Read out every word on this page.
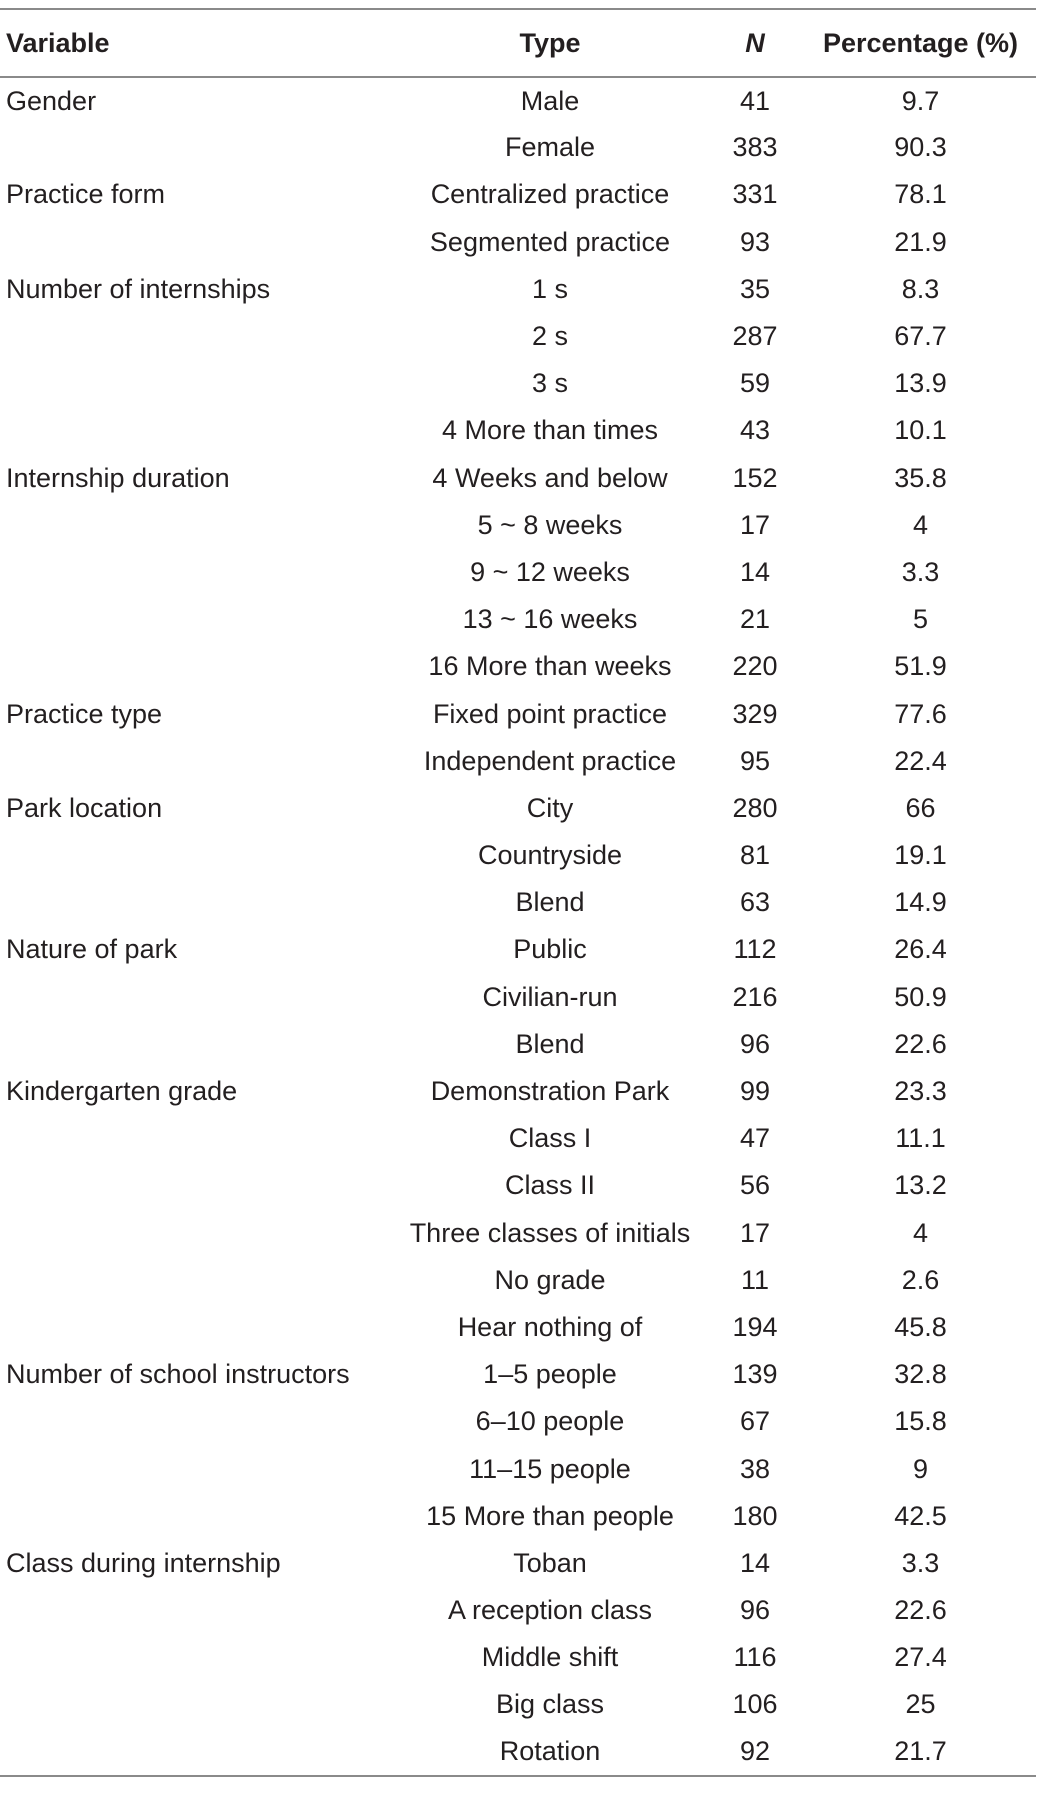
Variable	Type	N	Percentage (%)
Gender	Male	41	9.7
	Female	383	90.3
Practice form	Centralized practice	331	78.1
	Segmented practice	93	21.9
Number of internships	1 s	35	8.3
	2 s	287	67.7
	3 s	59	13.9
	4 More than times	43	10.1
Internship duration	4 Weeks and below	152	35.8
	5 ~ 8 weeks	17	4
	9 ~ 12 weeks	14	3.3
	13 ~ 16 weeks	21	5
	16 More than weeks	220	51.9
Practice type	Fixed point practice	329	77.6
	Independent practice	95	22.4
Park location	City	280	66
	Countryside	81	19.1
	Blend	63	14.9
Nature of park	Public	112	26.4
	Civilian-run	216	50.9
	Blend	96	22.6
Kindergarten grade	Demonstration Park	99	23.3
	Class I	47	11.1
	Class II	56	13.2
	Three classes of initials	17	4
	No grade	11	2.6
	Hear nothing of	194	45.8
Number of school instructors	1–5 people	139	32.8
	6–10 people	67	15.8
	11–15 people	38	9
	15 More than people	180	42.5
Class during internship	Toban	14	3.3
	A reception class	96	22.6
	Middle shift	116	27.4
	Big class	106	25
	Rotation	92	21.7
